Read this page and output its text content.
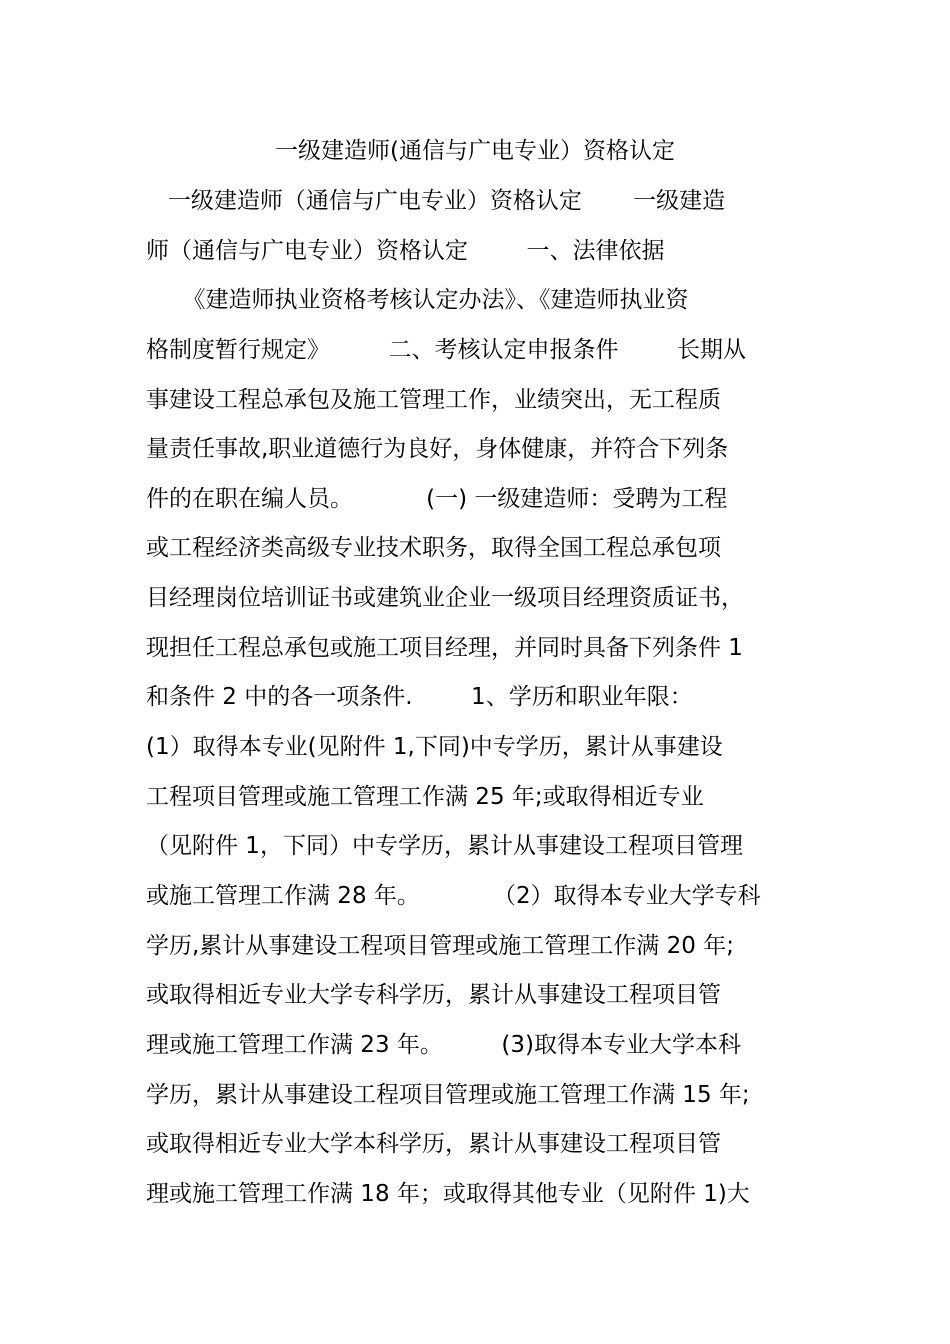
一级建造师(通信与广电专业）资格认定
一级建造师（通信与广电专业）资格认定       一级建造
师（通信与广电专业）资格认定        一、法律依据
《建造师执业资格考核认定办法》、《建造师执业资
格制度暂行规定》        二、考核认定申报条件        长期从
事建设工程总承包及施工管理工作，业绩突出，无工程质
量责任事故,职业道德行为良好，身体健康，并符合下列条
件的在职在编人员。          (一) 一级建造师：受聘为工程
或工程经济类高级专业技术职务，取得全国工程总承包项
目经理岗位培训证书或建筑业企业一级项目经理资质证书，
现担任工程总承包或施工项目经理，并同时具备下列条件 1
和条件 2 中的各一项条件.        1、学历和职业年限：
(1）取得本专业(见附件 1,下同)中专学历，累计从事建设
工程项目管理或施工管理工作满 25 年;或取得相近专业
（见附件 1，下同）中专学历，累计从事建设工程项目管理
或施工管理工作满 28 年。          （2）取得本专业大学专科
学历,累计从事建设工程项目管理或施工管理工作满 20 年;
或取得相近专业大学专科学历，累计从事建设工程项目管
理或施工管理工作满 23 年。        (3)取得本专业大学本科
学历，累计从事建设工程项目管理或施工管理工作满 15 年;
或取得相近专业大学本科学历，累计从事建设工程项目管
理或施工管理工作满 18 年；或取得其他专业（见附件 1)大
